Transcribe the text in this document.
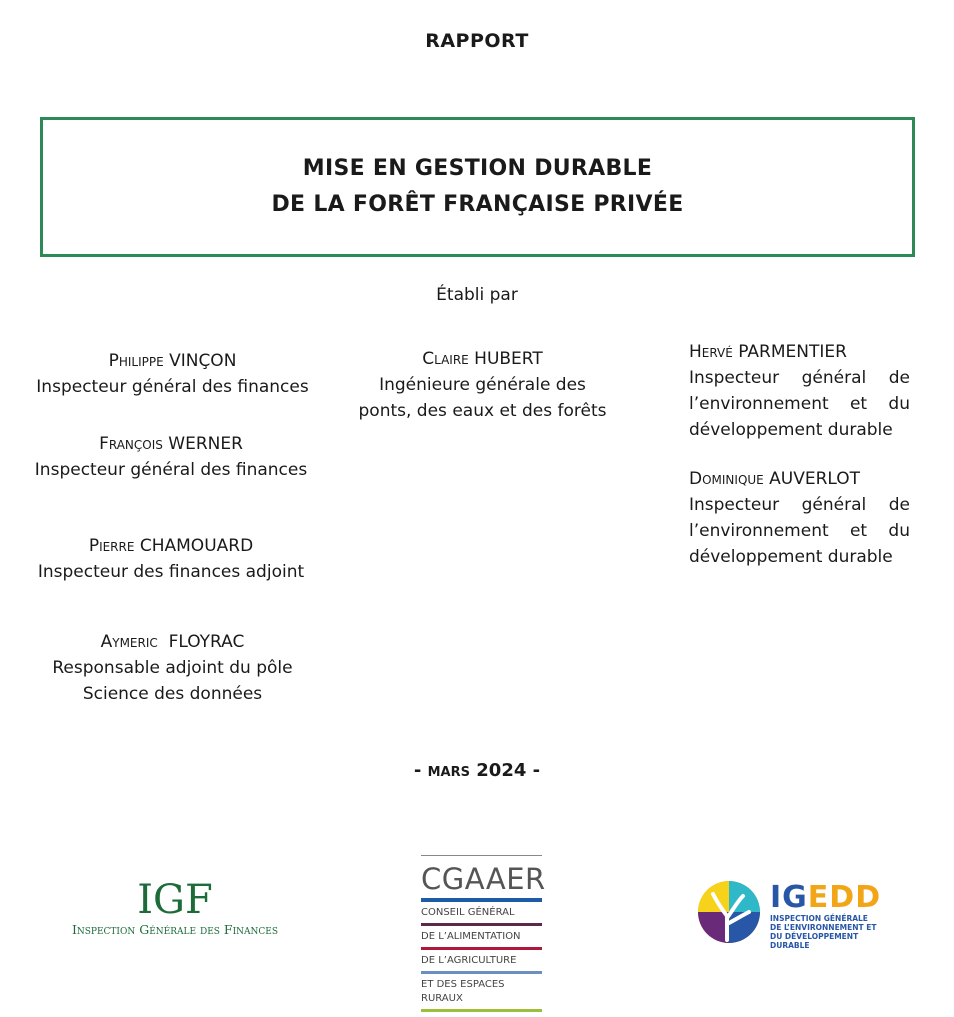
RAPPORT
MISE EN GESTION DURABLE
DE LA FORÊT FRANÇAISE PRIVÉE
Établi par
Philippe VINÇON
Inspecteur général des finances
François WERNER
Inspecteur général des finances
Pierre CHAMOUARD
Inspecteur des finances adjoint
Aymeric FLOYRAC
Responsable adjoint du pôle
Science des données
Claire HUBERT
Ingénieure générale des
ponts, des eaux et des forêts
Hervé PARMENTIER
Inspecteur général de l’environnement et du développement durable
Dominique AUVERLOT
Inspecteur général de l’environnement et du développement durable
- mars 2024 -
IGF
Inspection Générale des Finances
CGAAER
CONSEIL GÉNÉRAL
DE L’ALIMENTATION
DE L’AGRICULTURE
ET DES ESPACES RURAUX
IGEDD
INSPECTION GÉNÉRALE
DE L’ENVIRONNEMENT ET
DU DÉVELOPPEMENT DURABLE
